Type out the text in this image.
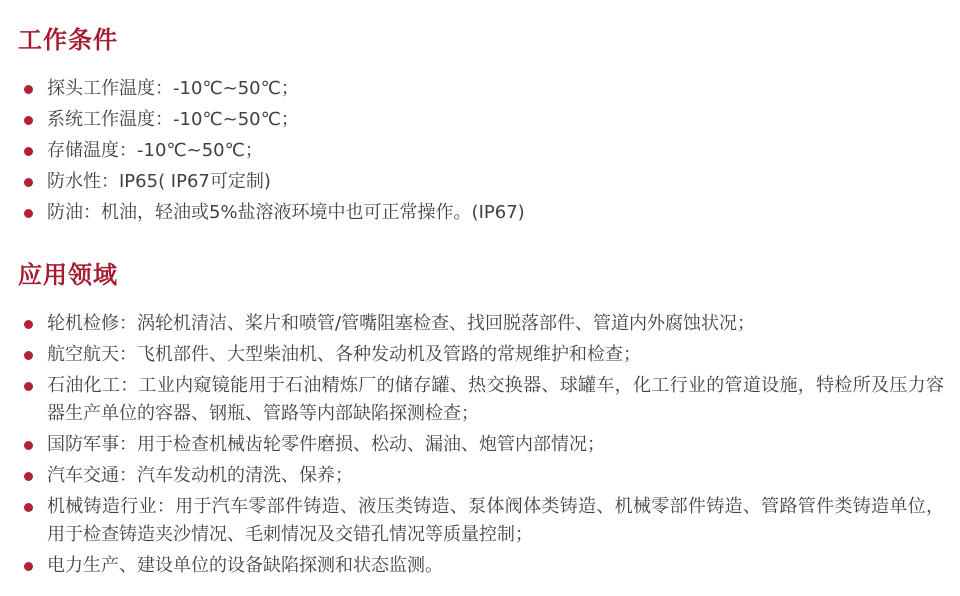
工作条件
探头工作温度：-10℃~50℃；
系统工作温度：-10℃~50℃；
存储温度：-10℃~50℃；
防水性：IP65( IP67可定制)
防油：机油，轻油或5%盐溶液环境中也可正常操作。(IP67)
应用领域
轮机检修：涡轮机清洁、桨片和喷管/管嘴阻塞检查、找回脱落部件、管道内外腐蚀状况；
航空航天：飞机部件、大型柴油机、各种发动机及管路的常规维护和检查；
石油化工：工业内窥镜能用于石油精炼厂的储存罐、热交换器、球罐车，化工行业的管道设施，特检所及压力容器生产单位的容器、钢瓶、管路等内部缺陷探测检查；
国防军事：用于检查机械齿轮零件磨损、松动、漏油、炮管内部情况；
汽车交通：汽车发动机的清洗、保养；
机械铸造行业：用于汽车零部件铸造、液压类铸造、泵体阀体类铸造、机械零部件铸造、管路管件类铸造单位，用于检查铸造夹沙情况、毛刺情况及交错孔情况等质量控制；
电力生产、建设单位的设备缺陷探测和状态监测。
